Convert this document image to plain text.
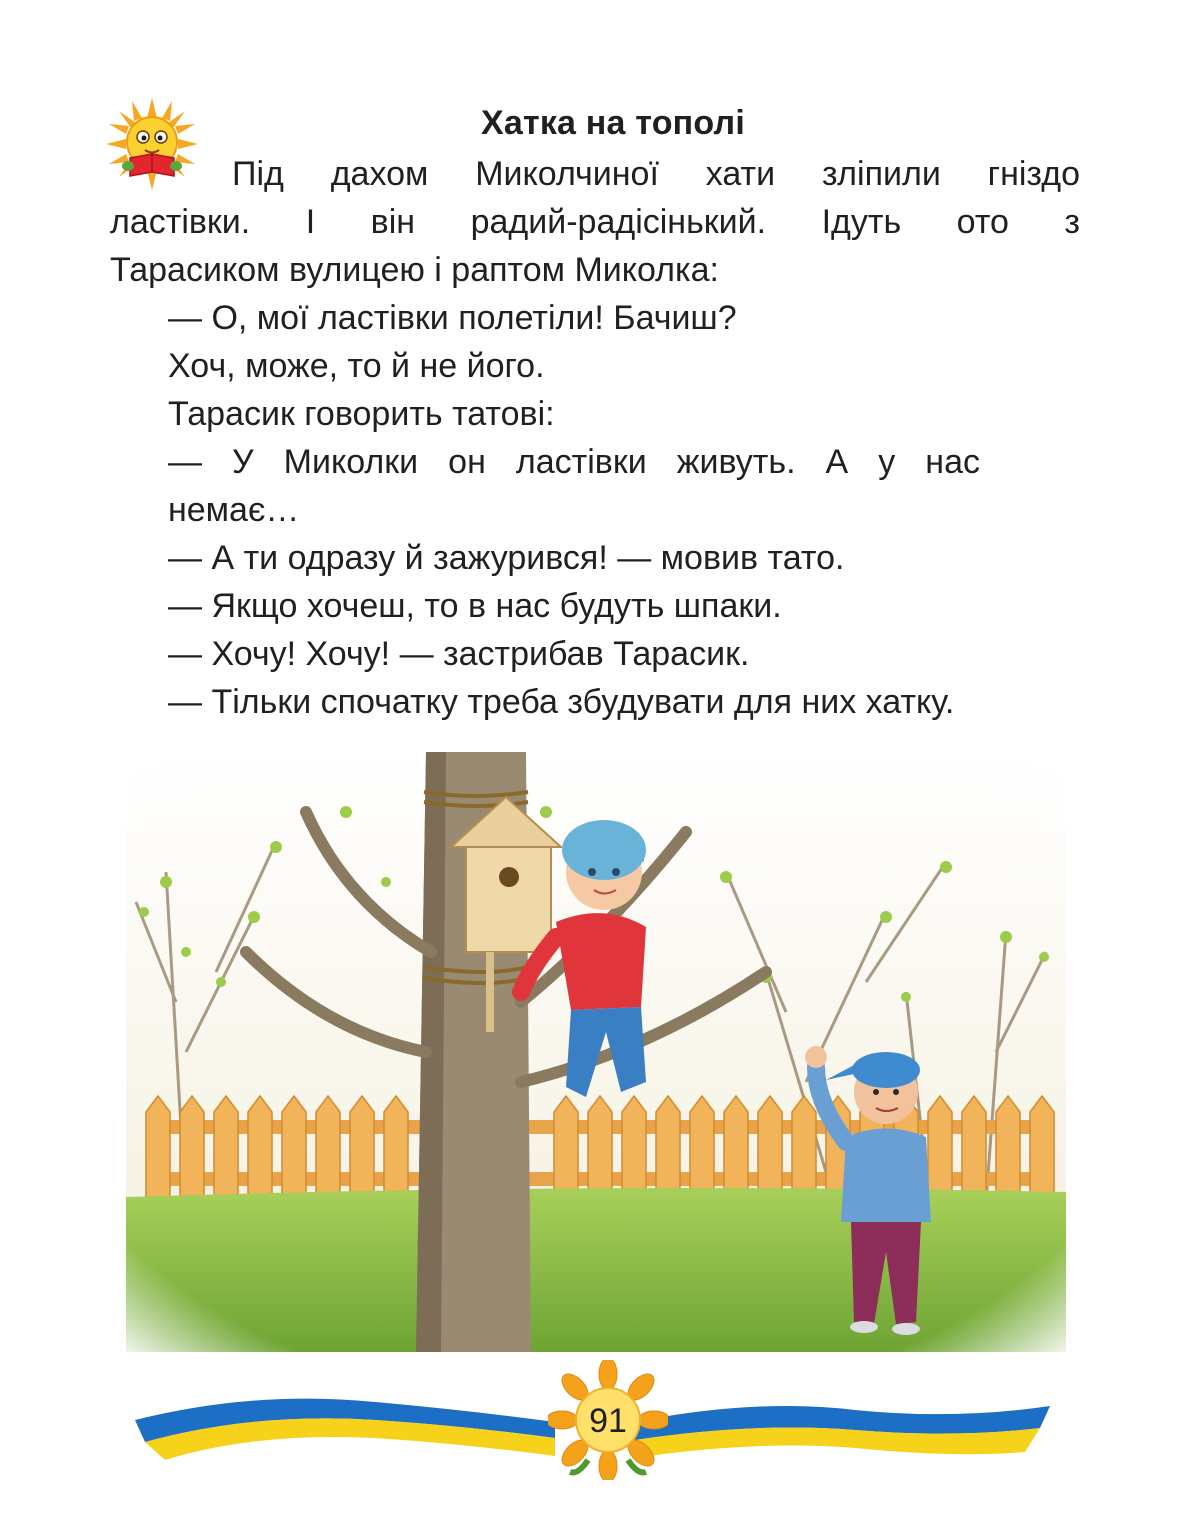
Хатка на тополі
Під дахом Миколчиної хати зліпили гніздо
ластівки. І він радий-радісінький. Ідуть ото з
Тарасиком вулицею і раптом Миколка:
— О, мої ластівки полетіли! Бачиш?
Хоч, може, то й не його.
Тарасик говорить татові:
— У Миколки он ластівки живуть. А у нас
немає…
— А ти одразу й зажурився! — мовив тато.
— Якщо хочеш, то в нас будуть шпаки.
— Хочу! Хочу! — застрибав Тарасик.
— Тільки спочатку треба збудувати для них хатку.
91
